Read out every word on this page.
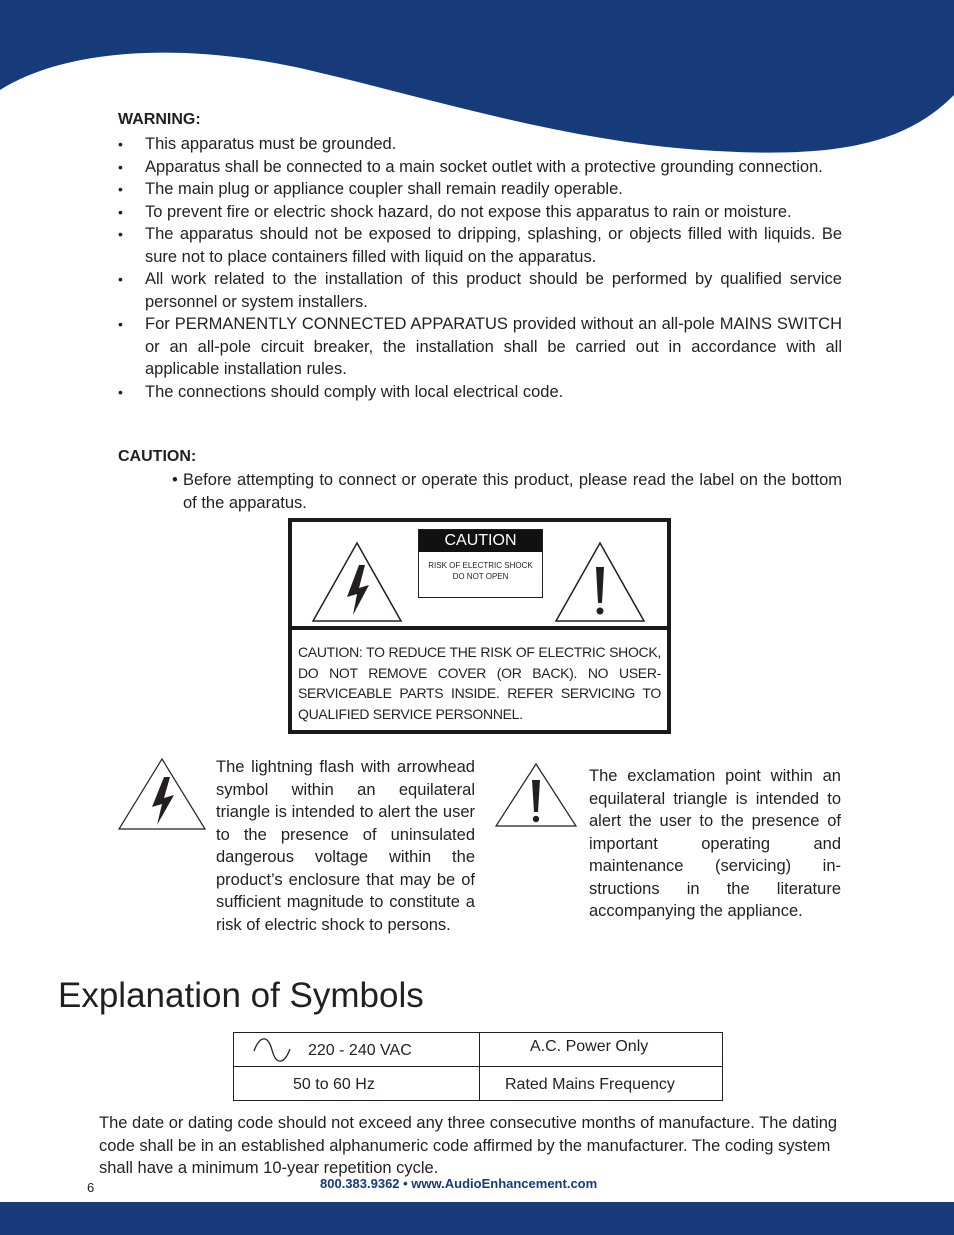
WARNING:
• This apparatus must be grounded.
• Apparatus shall be connected to a main socket outlet with a protective grounding connection.
• The main plug or appliance coupler shall remain readily operable.
• To prevent fire or electric shock hazard, do not expose this apparatus to rain or moisture.
• The apparatus should not be exposed to dripping, splashing, or objects filled with liquids. Be sure not to place containers filled with liquid on the apparatus.
• All work related to the installation of this product should be performed by qualified service personnel or system installers.
• For PERMANENTLY CONNECTED APPARATUS provided without an all-pole MAINS SWITCH or an all-pole circuit breaker, the installation shall be carried out in accordance with all applicable installation rules.
• The connections should comply with local electrical code.
CAUTION:
• Before attempting to connect or operate this product, please read the label on the bottom of the apparatus.
CAUTION
RISK OF ELECTRIC SHOCK
DO NOT OPEN
CAUTION: TO REDUCE THE RISK OF ELECTRIC SHOCK, DO NOT REMOVE COVER (OR BACK). NO USER-SERVICEABLE PARTS INSIDE. REFER SERVICING TO QUALIFIED SERVICE PERSONNEL.
The lightning flash with arrowhead symbol within an equilateral triangle is intended to alert the user to the presence of uninsulated dangerous voltage within the product’s enclosure that may be of sufficient magnitude to constitute a risk of electric shock to persons.
The exclamation point within an equilateral triangle is intended to alert the user to the presence of important operating and maintenance (servicing) in-structions in the literature accompanying the appliance.
Explanation of Symbols
220 - 240 VAC	A.C. Power Only

50 to 60 Hz	Rated Mains Frequency
The date or dating code should not exceed any three consecutive months of manufacture. The dating code shall be in an established alphanumeric code affirmed by the manufacturer. The coding system shall have a minimum 10-year repetition cycle.
6	800.383.9362 • www.AudioEnhancement.com
